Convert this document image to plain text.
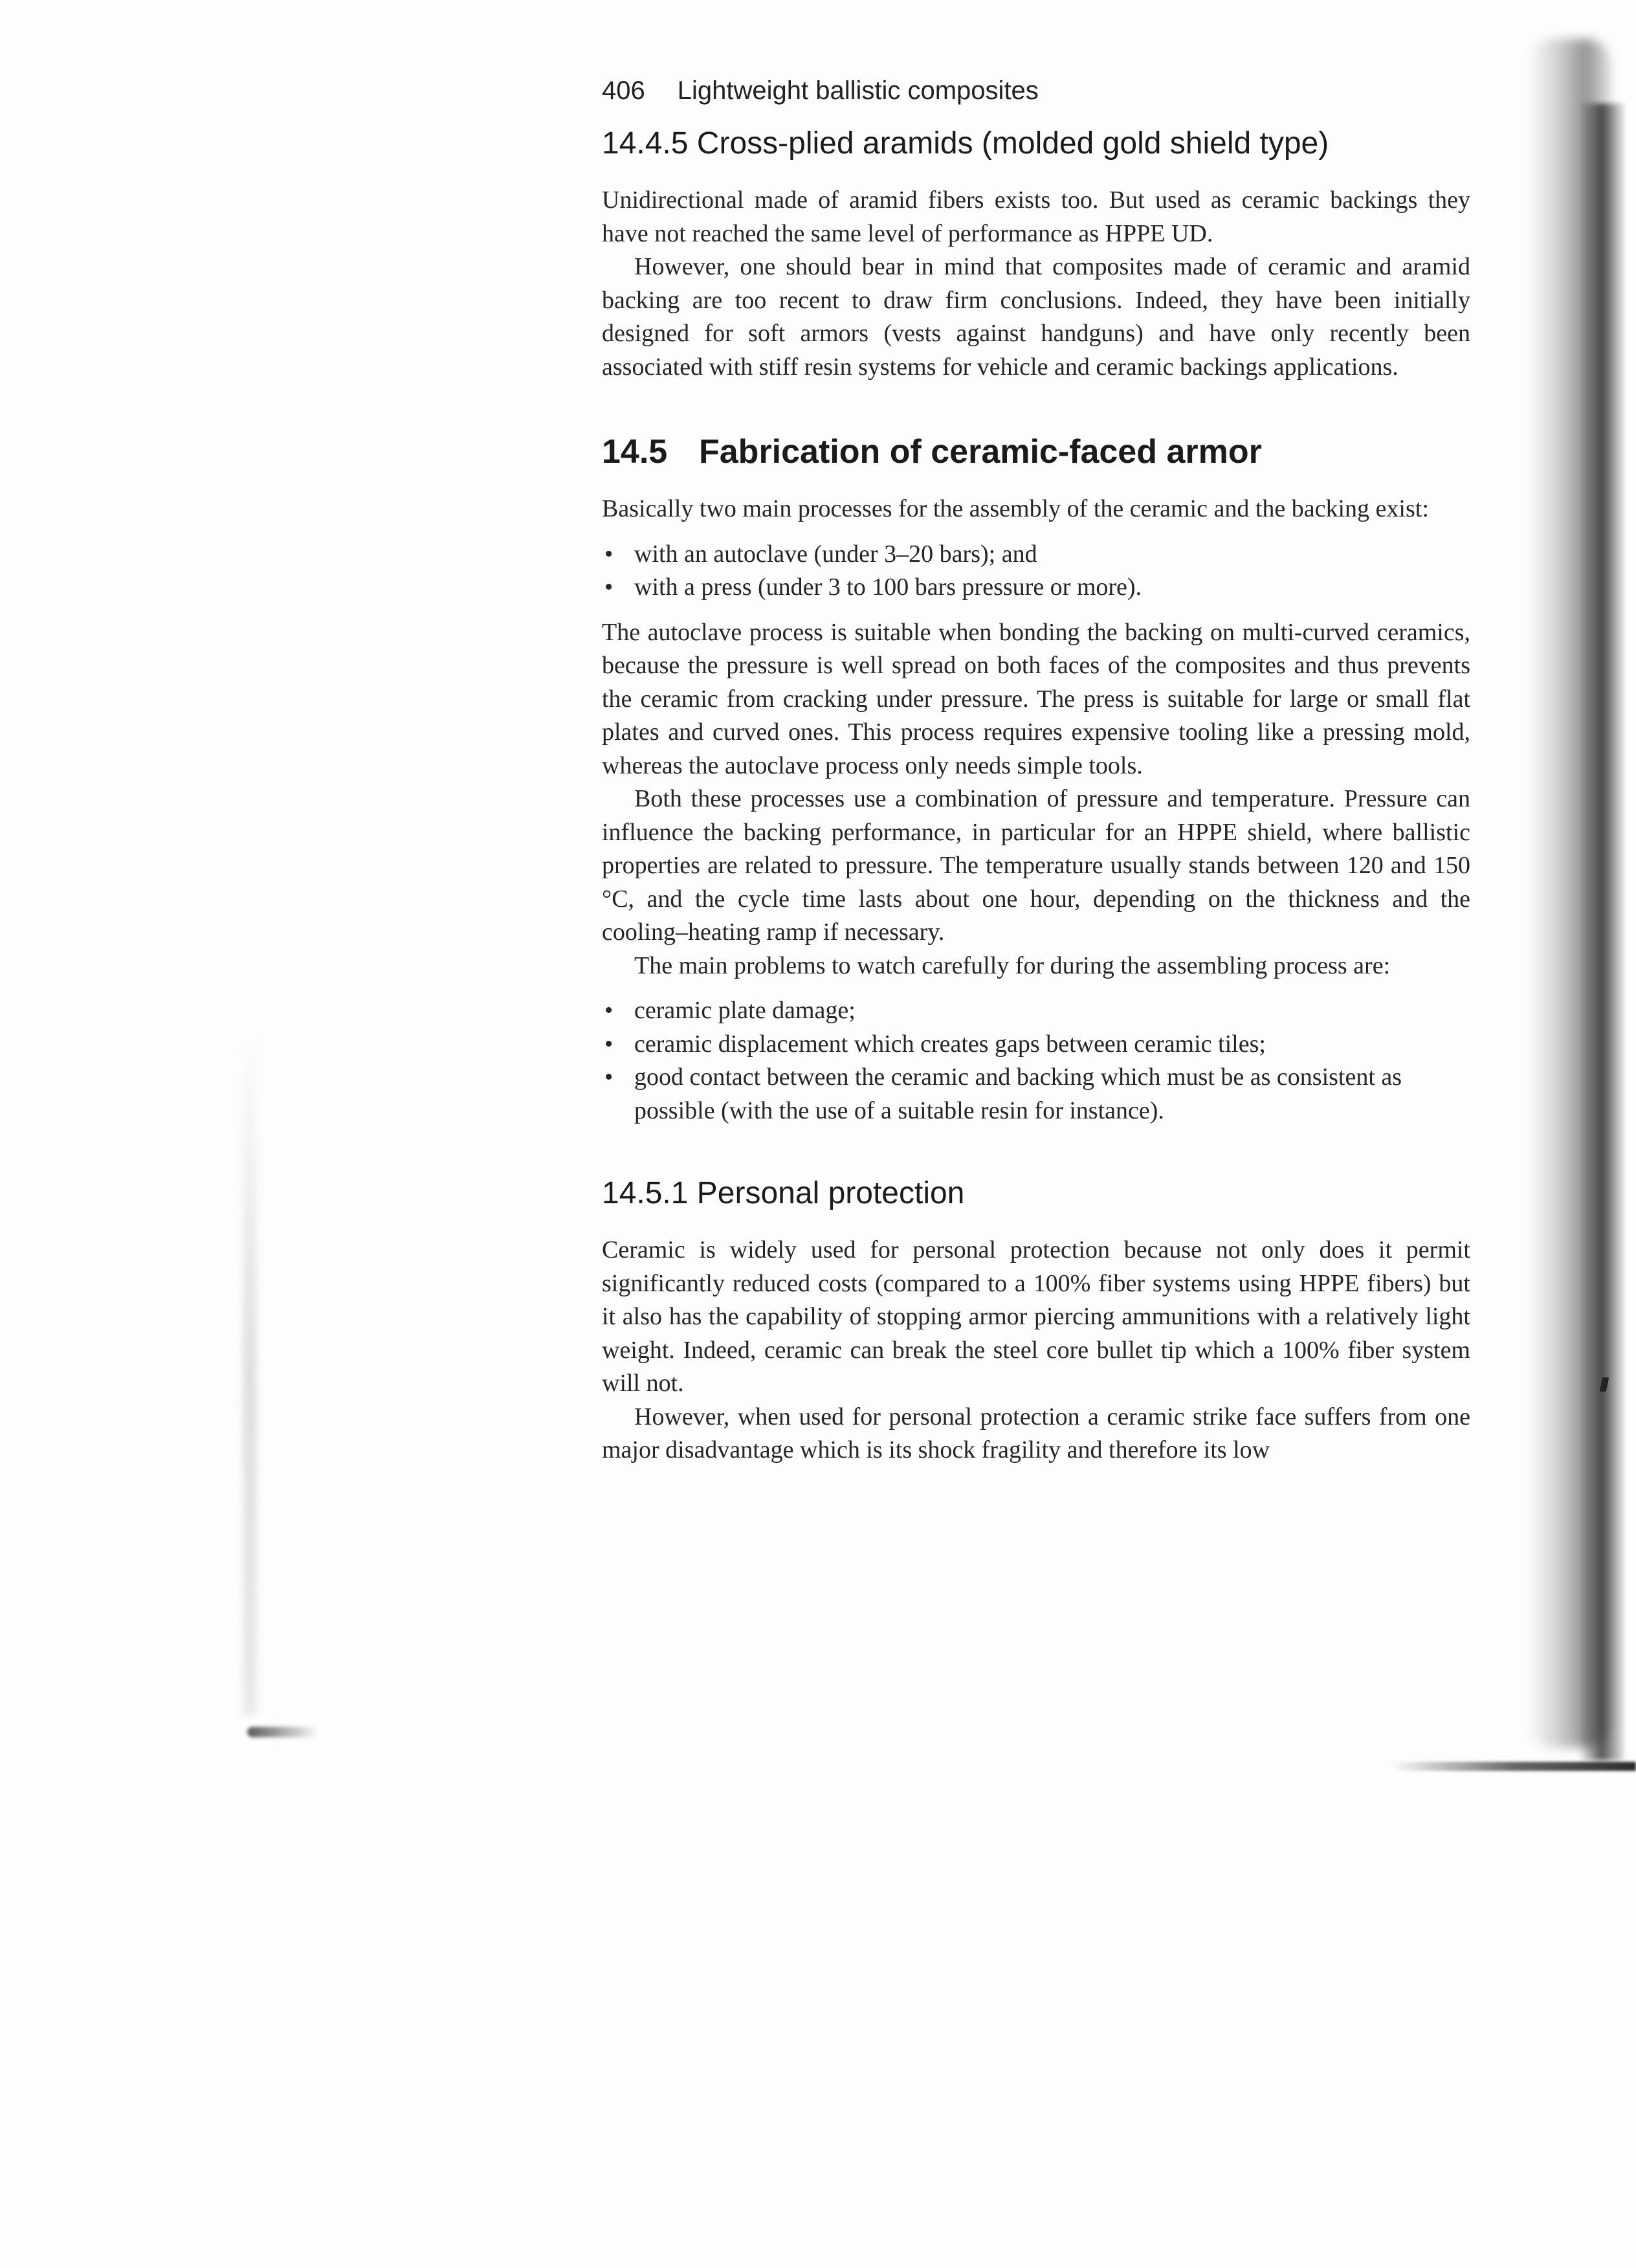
406 Lightweight ballistic composites
14.4.5 Cross-plied aramids (molded gold shield type)

Unidirectional made of aramid fibers exists too. But used as ceramic backings they have not reached the same level of performance as HPPE UD.

However, one should bear in mind that composites made of ceramic and aramid backing are too recent to draw firm conclusions. Indeed, they have been initially designed for soft armors (vests against handguns) and have only recently been associated with stiff resin systems for vehicle and ceramic backings applications.

14.5 Fabrication of ceramic-faced armor

Basically two main processes for the assembly of the ceramic and the backing exist:

• with an autoclave (under 3–20 bars); and
• with a press (under 3 to 100 bars pressure or more).

The autoclave process is suitable when bonding the backing on multi-curved ceramics, because the pressure is well spread on both faces of the composites and thus prevents the ceramic from cracking under pressure. The press is suitable for large or small flat plates and curved ones. This process requires expensive tooling like a pressing mold, whereas the autoclave process only needs simple tools.

Both these processes use a combination of pressure and temperature. Pressure can influence the backing performance, in particular for an HPPE shield, where ballistic properties are related to pressure. The temperature usually stands between 120 and 150 °C, and the cycle time lasts about one hour, depending on the thickness and the cooling–heating ramp if necessary.

The main problems to watch carefully for during the assembling process are:

• ceramic plate damage;
• ceramic displacement which creates gaps between ceramic tiles;
• good contact between the ceramic and backing which must be as consistent as possible (with the use of a suitable resin for instance).
14.5.1 Personal protection

Ceramic is widely used for personal protection because not only does it permit significantly reduced costs (compared to a 100% fiber systems using HPPE fibers) but it also has the capability of stopping armor piercing ammunitions with a relatively light weight. Indeed, ceramic can break the steel core bullet tip which a 100% fiber system will not.

However, when used for personal protection a ceramic strike face suffers from one major disadvantage which is its shock fragility and therefore its low
